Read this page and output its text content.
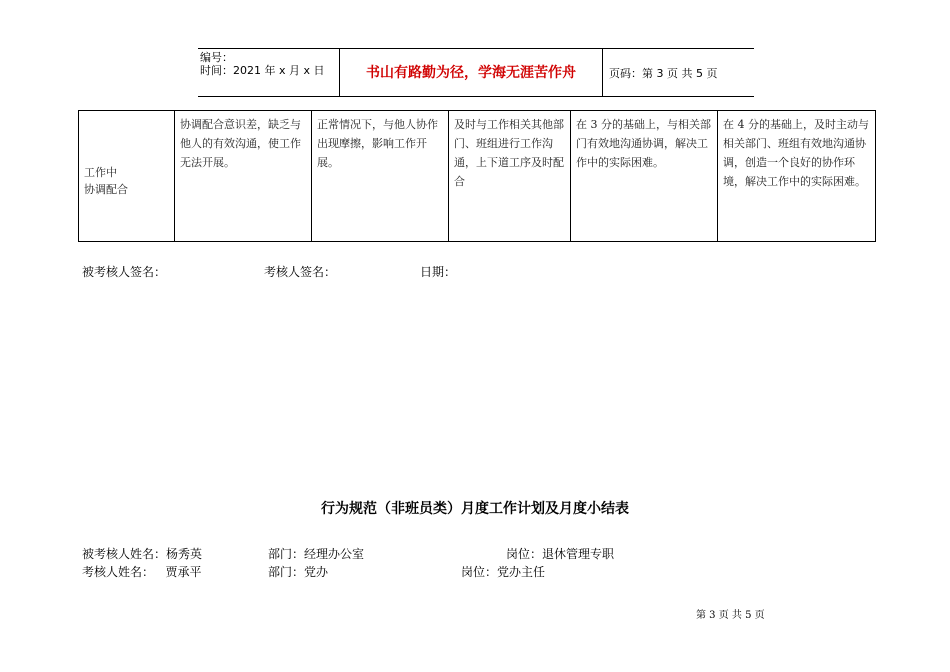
编号：
时间：2021 年 x 月 x 日	书山有路勤为径，学海无涯苦作舟	页码：第 3 页 共 5 页
工作中
协调配合
	协调配合意识差，缺乏与他人的有效沟通，使工作无法开展。	正常情况下，与他人协作出现摩擦，影响工作开展。	及时与工作相关其他部门、班组进行工作沟通，上下道工序及时配合	在 3 分的基础上，与相关部门有效地沟通协调，解决工作中的实际困难。	在 4 分的基础上，及时主动与相关部门、班组有效地沟通协调，创造一个良好的协作环境，解决工作中的实际困难。
被考核人签名：	考核人签名：	日期：
行为规范（非班员类）月度工作计划及月度小结表
被考核人姓名：杨秀英	部门：经理办公室	岗位：退休管理专职
考核人姓名：   贾承平	部门：党办	岗位：党办主任
第 3 页 共 5 页
